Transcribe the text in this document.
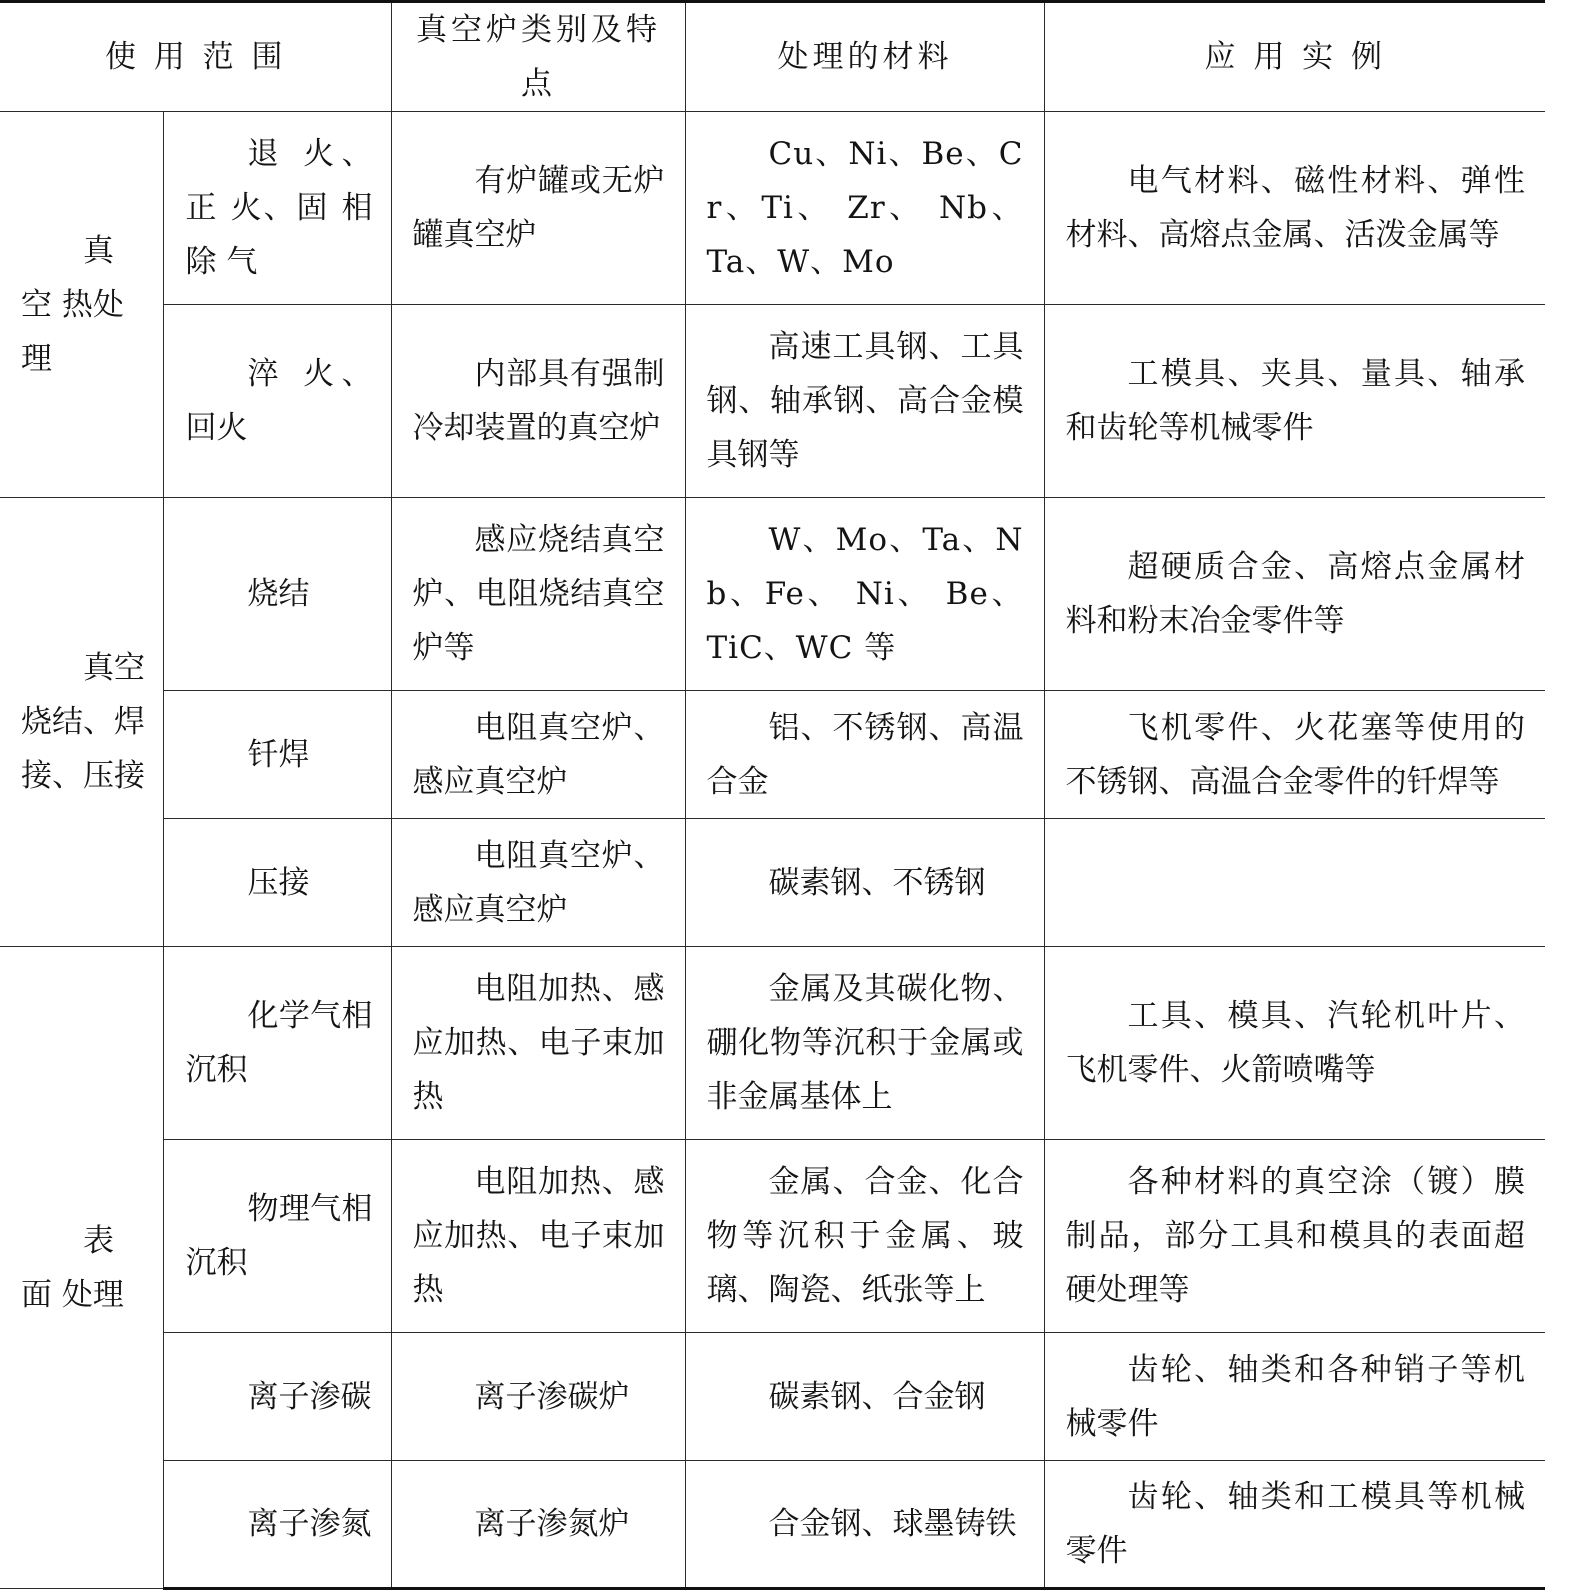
使 用 范 围		真空炉类别及特点	处理的材料	应 用 实 例
真 空 热处理	退 火、正 火、固 相 除 气	有炉罐或无炉罐真空炉	Cu、Ni、Be、Cr、Ti、 Zr、 Nb、 Ta、W、Mo	电气材料、磁性材料、弹性材料、高熔点金属、活泼金属等
	淬 火、回火	内部具有强制冷却装置的真空炉	高速工具钢、工具钢、轴承钢、高合金模具钢等	工模具、夹具、量具、轴承和齿轮等机械零件
真空烧结、焊接、压接	烧结	感应烧结真空炉、电阻烧结真空炉等	W、Mo、Ta、Nb、Fe、 Ni、 Be、 TiC、WC 等	超硬质合金、高熔点金属材料和粉末冶金零件等
	钎焊	电阻真空炉、感应真空炉	铝、不锈钢、高温合金	飞机零件、火花塞等使用的不锈钢、高温合金零件的钎焊等
	压接	电阻真空炉、感应真空炉	碳素钢、不锈钢	
表 面 处理	化学气相沉积	电阻加热、感应加热、电子束加热	金属及其碳化物、硼化物等沉积于金属或非金属基体上	工具、模具、汽轮机叶片、飞机零件、火箭喷嘴等
	物理气相沉积	电阻加热、感应加热、电子束加热	金属、合金、化合物等沉积于金属、玻璃、陶瓷、纸张等上	各种材料的真空涂（镀）膜制品，部分工具和模具的表面超硬处理等
	离子渗碳	离子渗碳炉	碳素钢、合金钢	齿轮、轴类和各种销子等机械零件
	离子渗氮	离子渗氮炉	合金钢、球墨铸铁	齿轮、轴类和工模具等机械零件
